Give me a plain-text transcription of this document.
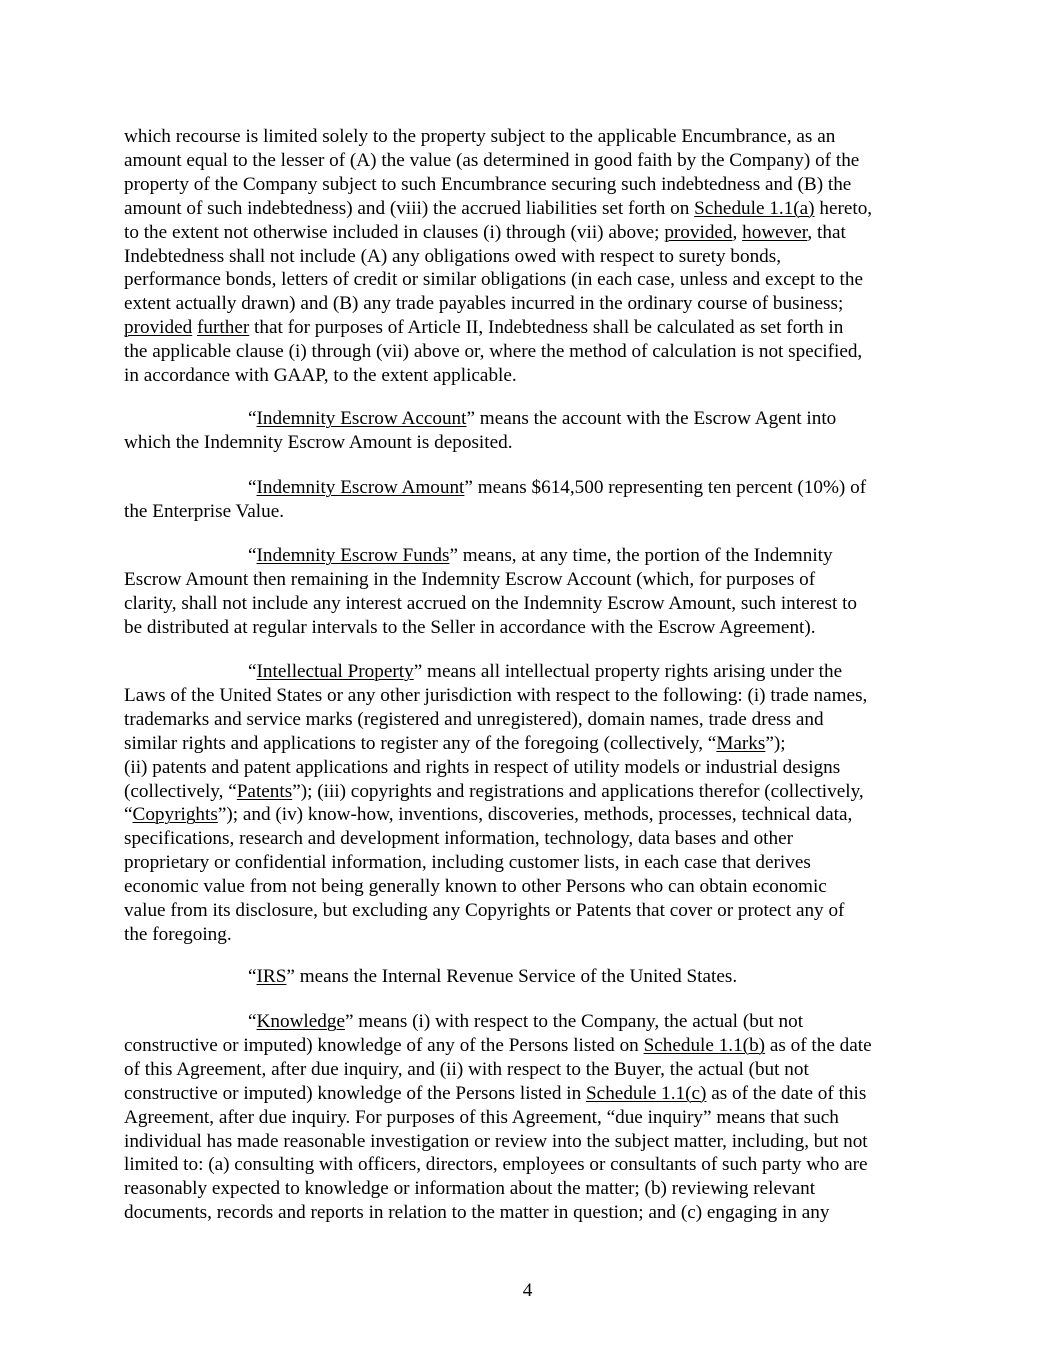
which recourse is limited solely to the property subject to the applicable Encumbrance, as an
amount equal to the lesser of (A) the value (as determined in good faith by the Company) of the
property of the Company subject to such Encumbrance securing such indebtedness and (B) the
amount of such indebtedness) and (viii) the accrued liabilities set forth on Schedule 1.1(a) hereto,
to the extent not otherwise included in clauses (i) through (vii) above; provided, however, that
Indebtedness shall not include (A) any obligations owed with respect to surety bonds,
performance bonds, letters of credit or similar obligations (in each case, unless and except to the
extent actually drawn) and (B) any trade payables incurred in the ordinary course of business;
provided further that for purposes of Article II, Indebtedness shall be calculated as set forth in
the applicable clause (i) through (vii) above or, where the method of calculation is not specified,
in accordance with GAAP, to the extent applicable.
“Indemnity Escrow Account” means the account with the Escrow Agent into
which the Indemnity Escrow Amount is deposited.
“Indemnity Escrow Amount” means $614,500 representing ten percent (10%) of
the Enterprise Value.
“Indemnity Escrow Funds” means, at any time, the portion of the Indemnity
Escrow Amount then remaining in the Indemnity Escrow Account (which, for purposes of
clarity, shall not include any interest accrued on the Indemnity Escrow Amount, such interest to
be distributed at regular intervals to the Seller in accordance with the Escrow Agreement).
“Intellectual Property” means all intellectual property rights arising under the
Laws of the United States or any other jurisdiction with respect to the following: (i) trade names,
trademarks and service marks (registered and unregistered), domain names, trade dress and
similar rights and applications to register any of the foregoing (collectively, “Marks”);
(ii) patents and patent applications and rights in respect of utility models or industrial designs
(collectively, “Patents”); (iii) copyrights and registrations and applications therefor (collectively,
“Copyrights”); and (iv) know-how, inventions, discoveries, methods, processes, technical data,
specifications, research and development information, technology, data bases and other
proprietary or confidential information, including customer lists, in each case that derives
economic value from not being generally known to other Persons who can obtain economic
value from its disclosure, but excluding any Copyrights or Patents that cover or protect any of
the foregoing.
“IRS” means the Internal Revenue Service of the United States.
“Knowledge” means (i) with respect to the Company, the actual (but not
constructive or imputed) knowledge of any of the Persons listed on Schedule 1.1(b) as of the date
of this Agreement, after due inquiry, and (ii) with respect to the Buyer, the actual (but not
constructive or imputed) knowledge of the Persons listed in Schedule 1.1(c) as of the date of this
Agreement, after due inquiry. For purposes of this Agreement, “due inquiry” means that such
individual has made reasonable investigation or review into the subject matter, including, but not
limited to: (a) consulting with officers, directors, employees or consultants of such party who are
reasonably expected to knowledge or information about the matter; (b) reviewing relevant
documents, records and reports in relation to the matter in question; and (c) engaging in any
4
